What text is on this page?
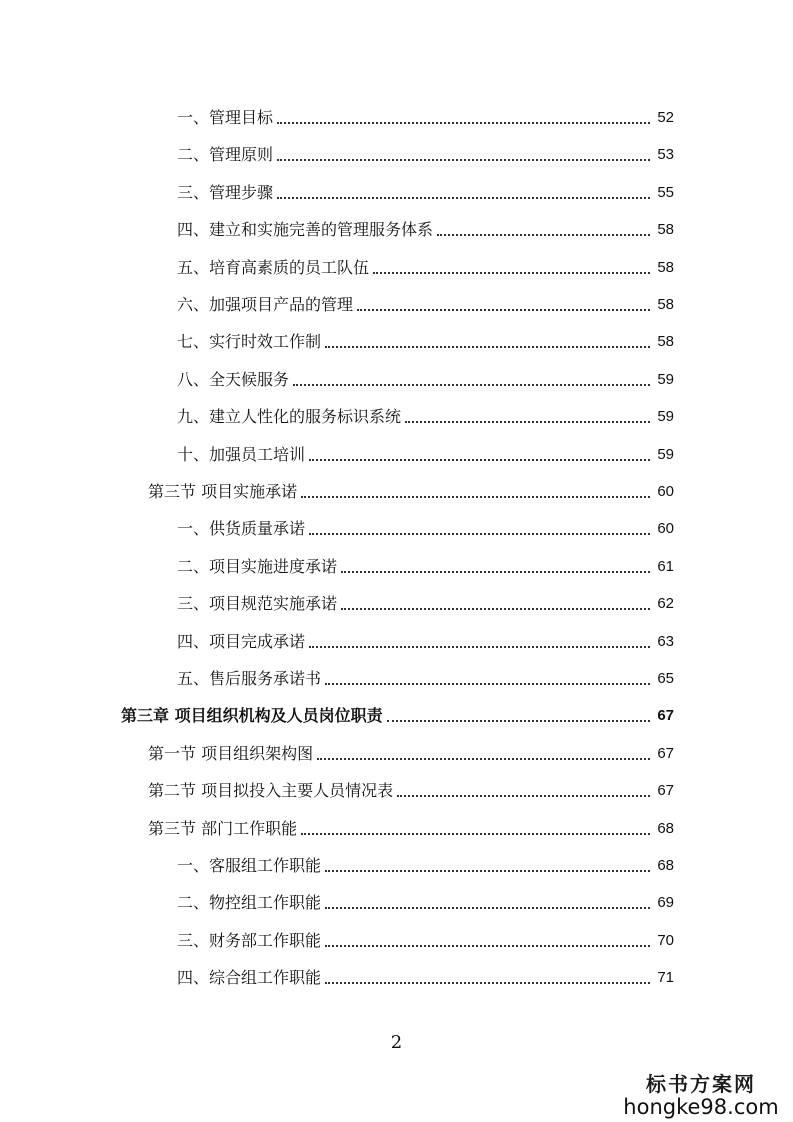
一、管理目标	52
二、管理原则	53
三、管理步骤	55
四、建立和实施完善的管理服务体系	58
五、培育高素质的员工队伍	58
六、加强项目产品的管理	58
七、实行时效工作制	58
八、全天候服务	59
九、建立人性化的服务标识系统	59
十、加强员工培训	59
第三节 项目实施承诺	60
一、供货质量承诺	60
二、项目实施进度承诺	61
三、项目规范实施承诺	62
四、项目完成承诺	63
五、售后服务承诺书	65
第三章 项目组织机构及人员岗位职责	67
第一节 项目组织架构图	67
第二节 项目拟投入主要人员情况表	67
第三节 部门工作职能	68
一、客服组工作职能	68
二、物控组工作职能	69
三、财务部工作职能	70
四、综合组工作职能	71
2
标书方案网
hongke98.com
